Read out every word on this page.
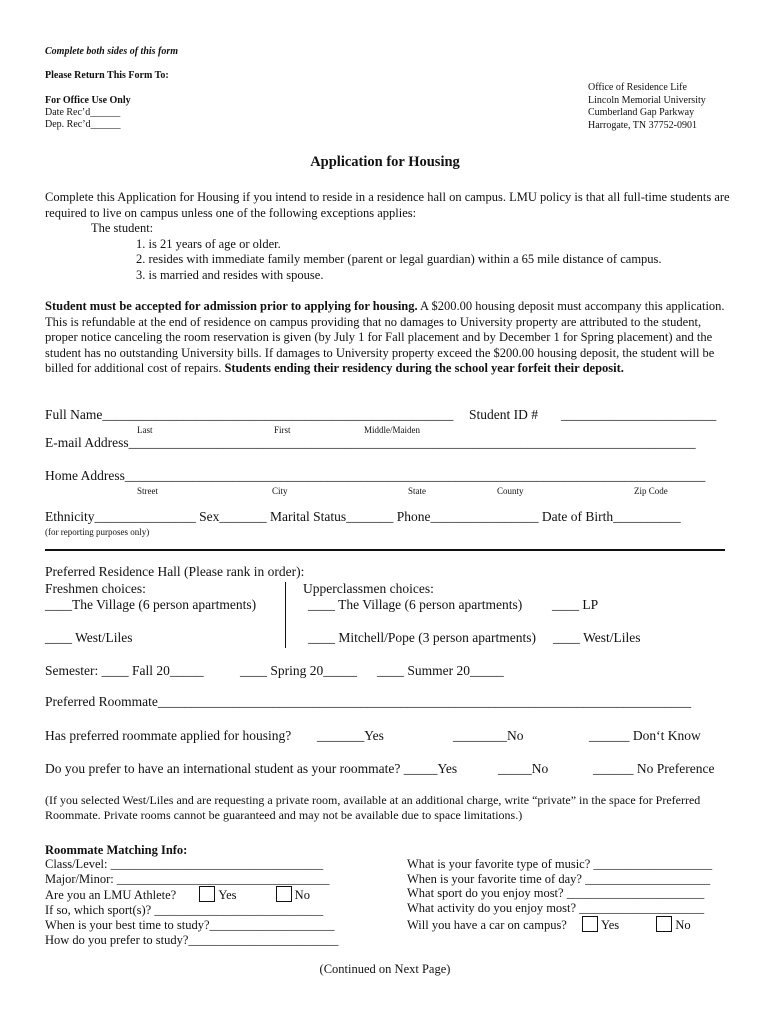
Complete both sides of this form
Please Return This Form To:
For Office Use Only
Date Rec’d______
Dep. Rec’d______
Office of Residence Life
Lincoln Memorial University
Cumberland Gap Parkway
Harrogate, TN 37752-0901
Application for Housing
Complete this Application for Housing if you intend to reside in a residence hall on campus. LMU policy is that all full-time students are required to live on campus unless one of the following exceptions applies:
The student:
1. is 21 years of age or older.
2. resides with immediate family member (parent or legal guardian) within a 65 mile distance of campus.
3. is married and resides with spouse.
Student must be accepted for admission prior to applying for housing. A $200.00 housing deposit must accompany this application. This is refundable at the end of residence on campus providing that no damages to University property are attributed to the student, proper notice canceling the room reservation is given (by July 1 for Fall placement and by December 1 for Spring placement) and the student has no outstanding University bills. If damages to University property exceed the $200.00 housing deposit, the student will be billed for additional cost of repairs. Students ending their residency during the school year forfeit their deposit.
Full Name____________________________________________________ Student ID # _______________________
Last	First	Middle/Maiden
E-mail Address____________________________________________________________________________________
Home Address______________________________________________________________________________________
Street	City	State	County	Zip Code
Ethnicity_______________ Sex_______ Marital Status_______ Phone________________ Date of Birth__________
(for reporting purposes only)
Preferred Residence Hall (Please rank in order):
Freshmen choices:	Upperclassmen choices:
____The Village (6 person apartments)	____ The Village (6 person apartments) ____ LP
____ West/Liles	____ Mitchell/Pope (3 person apartments) ____ West/Liles
Semester: ____ Fall 20_____	____ Spring 20_____ ____ Summer 20_____
Preferred Roommate_______________________________________________________________________________
Has preferred roommate applied for housing? _______Yes	________No	______ Don‘t Know
Do you prefer to have an international student as your roommate? _____Yes	_____No	______ No Preference
(If you selected West/Liles and are requesting a private room, available at an additional charge, write “private” in the space for Preferred Roommate. Private rooms cannot be guaranteed and may not be available due to space limitations.)
Roommate Matching Info:
Class/Level: __________________________________
Major/Minor: __________________________________
Are you an LMU Athlete?	Yes	No
If so, which sport(s)? ___________________________
When is your best time to study?____________________
How do you prefer to study?________________________
What is your favorite type of music? ___________________
When is your favorite time of day? ____________________
What sport do you enjoy most? ______________________
What activity do you enjoy most? ____________________
Will you have a car on campus?	Yes	No
(Continued on Next Page)
